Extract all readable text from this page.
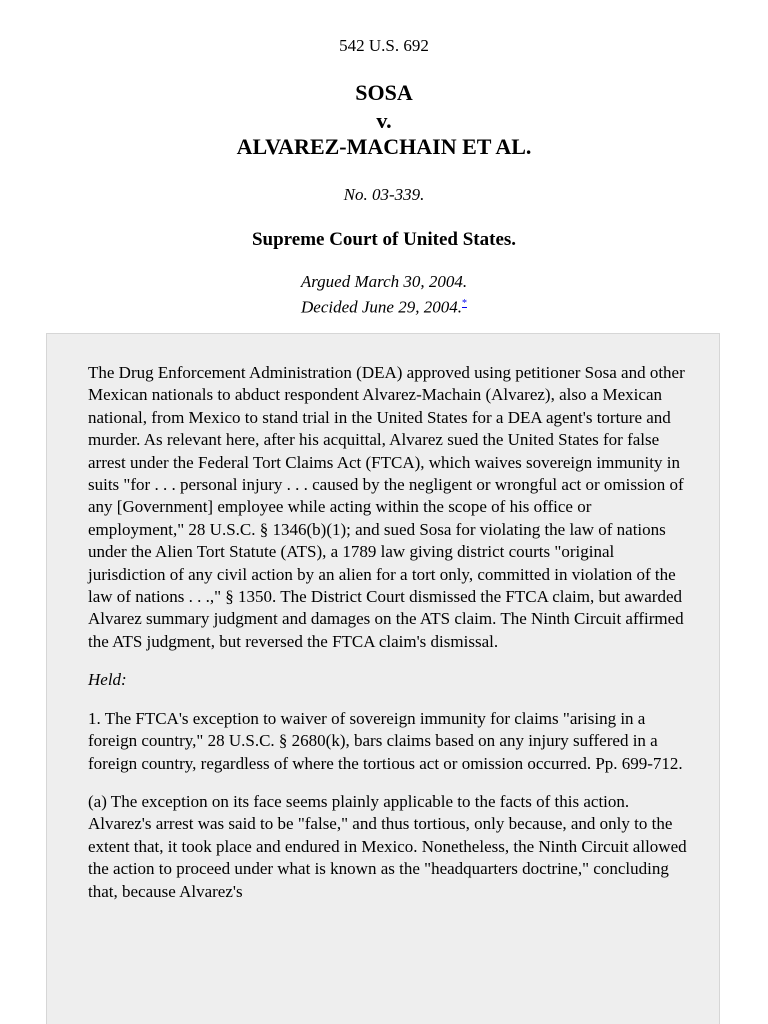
542 U.S. 692
SOSA
v.
ALVAREZ-MACHAIN ET AL.
No. 03-339.
Supreme Court of United States.
Argued March 30, 2004.
Decided June 29, 2004.*

The Drug Enforcement Administration (DEA) approved using petitioner Sosa and other Mexican nationals to abduct respondent Alvarez-Machain (Alvarez), also a Mexican national, from Mexico to stand trial in the United States for a DEA agent's torture and murder. As relevant here, after his acquittal, Alvarez sued the United States for false arrest under the Federal Tort Claims Act (FTCA), which waives sovereign immunity in suits "for . . . personal injury . . . caused by the negligent or wrongful act or omission of any [Government] employee while acting within the scope of his office or employment," 28 U.S.C. § 1346(b)(1); and sued Sosa for violating the law of nations under the Alien Tort Statute (ATS), a 1789 law giving district courts "original jurisdiction of any civil action by an alien for a tort only, committed in violation of the law of nations . . .," § 1350. The District Court dismissed the FTCA claim, but awarded Alvarez summary judgment and damages on the ATS claim. The Ninth Circuit affirmed the ATS judgment, but reversed the FTCA claim's dismissal.

Held:

1. The FTCA's exception to waiver of sovereign immunity for claims "arising in a foreign country," 28 U.S.C. § 2680(k), bars claims based on any injury suffered in a foreign country, regardless of where the tortious act or omission occurred. Pp. 699-712.

(a) The exception on its face seems plainly applicable to the facts of this action. Alvarez's arrest was said to be "false," and thus tortious, only because, and only to the extent that, it took place and endured in Mexico. Nonetheless, the Ninth Circuit allowed the action to proceed under what is known as the "headquarters doctrine," concluding that, because Alvarez's
